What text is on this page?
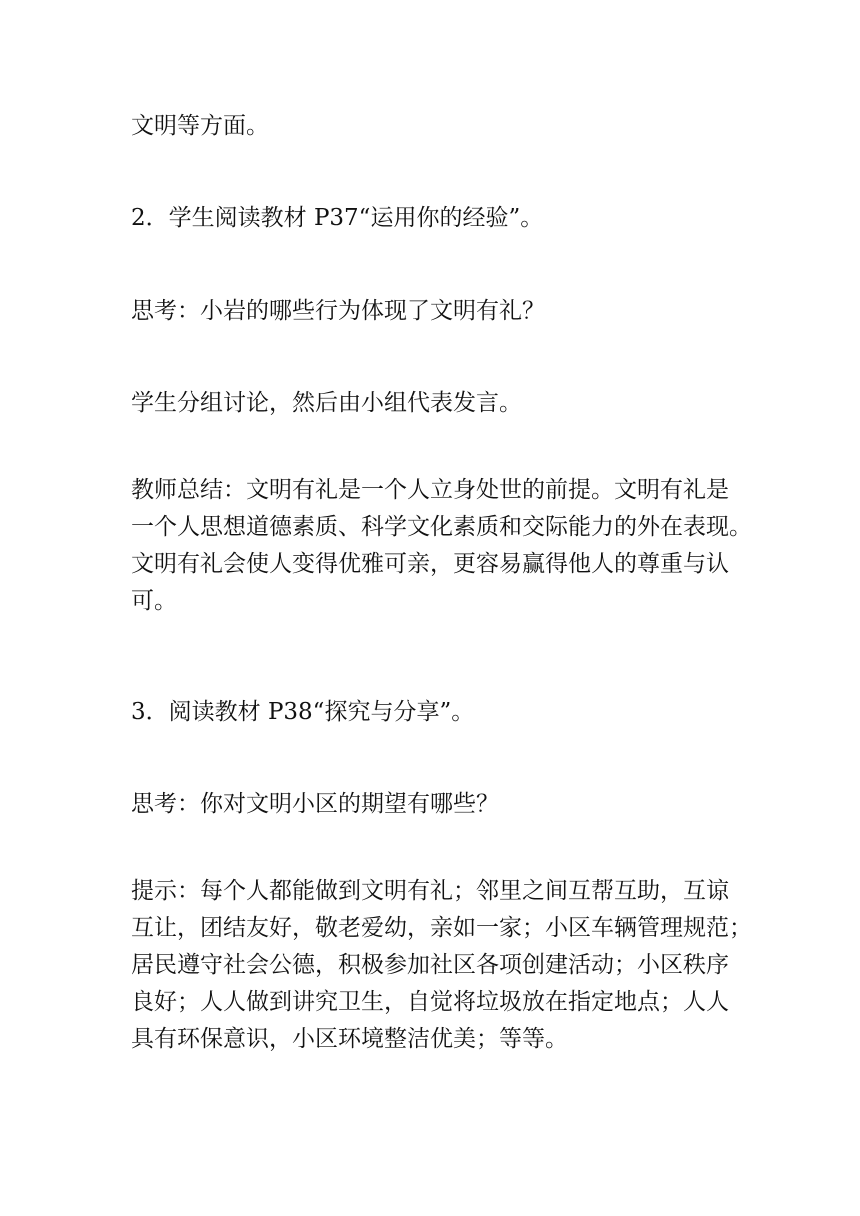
文明等方面。

2．学生阅读教材 P37“运用你的经验”。

思考：小岩的哪些行为体现了文明有礼？

学生分组讨论，然后由小组代表发言。

教师总结：文明有礼是一个人立身处世的前提。文明有礼是
一个人思想道德素质、科学文化素质和交际能力的外在表现。
文明有礼会使人变得优雅可亲，更容易赢得他人的尊重与认
可。

3．阅读教材 P38“探究与分享”。

思考：你对文明小区的期望有哪些？

提示：每个人都能做到文明有礼；邻里之间互帮互助，互谅
互让，团结友好，敬老爱幼，亲如一家；小区车辆管理规范；
居民遵守社会公德，积极参加社区各项创建活动；小区秩序
良好；人人做到讲究卫生，自觉将垃圾放在指定地点；人人
具有环保意识，小区环境整洁优美；等等。
